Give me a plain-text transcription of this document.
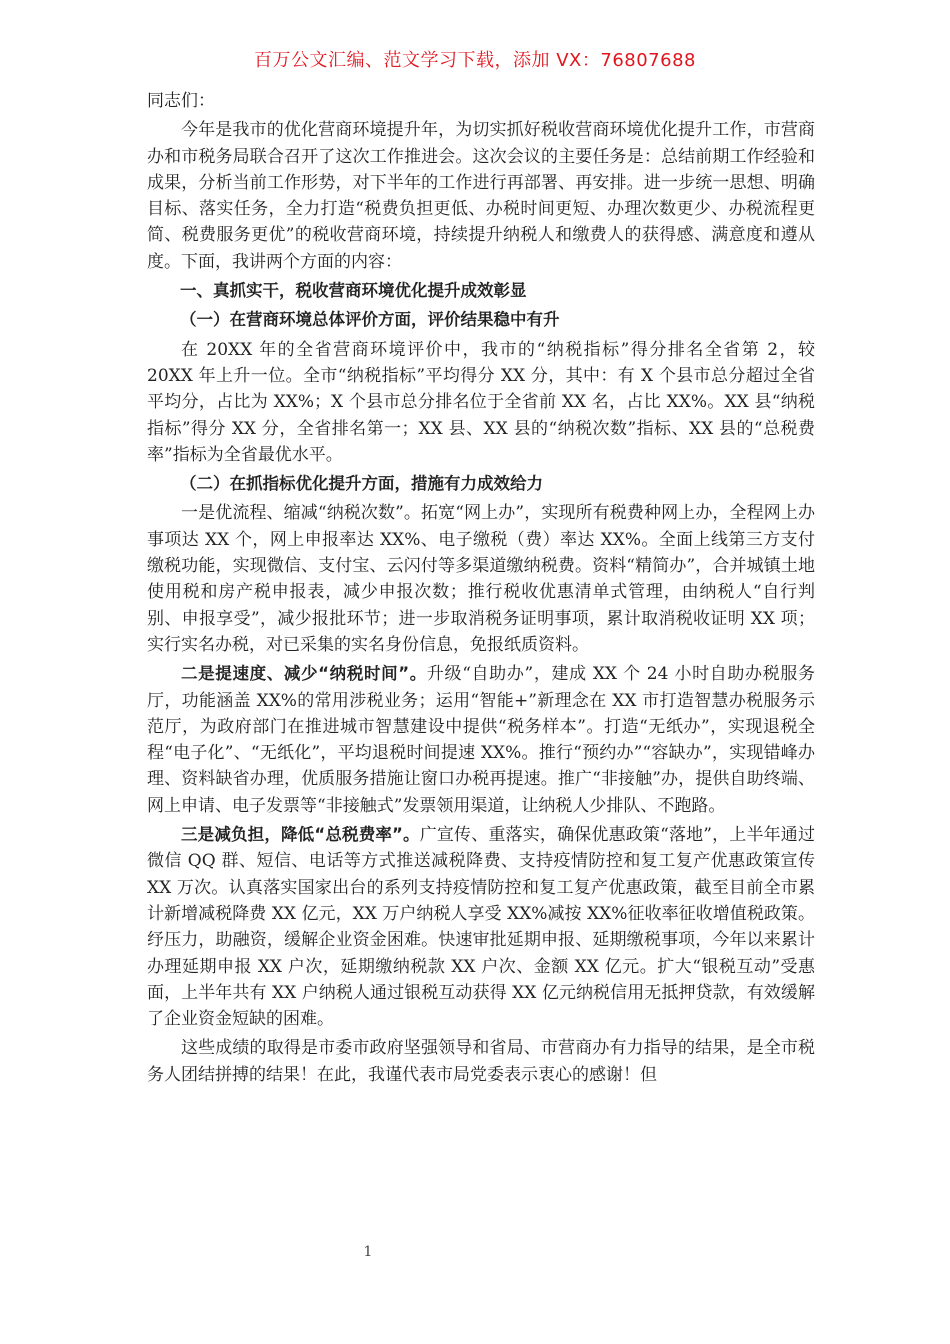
百万公文汇编、范文学习下载，添加 VX：76807688

同志们：

今年是我市的优化营商环境提升年，为切实抓好税收营商环境优化提升工作，市营商办和市税务局联合召开了这次工作推进会。这次会议的主要任务是：总结前期工作经验和成果，分析当前工作形势，对下半年的工作进行再部署、再安排。进一步统一思想、明确目标、落实任务，全力打造“税费负担更低、办税时间更短、办理次数更少、办税流程更简、税费服务更优”的税收营商环境，持续提升纳税人和缴费人的获得感、满意度和遵从度。下面，我讲两个方面的内容：

一、真抓实干，税收营商环境优化提升成效彰显

（一）在营商环境总体评价方面，评价结果稳中有升

在 20XX 年的全省营商环境评价中，我市的“纳税指标”得分排名全省第 2，较 20XX 年上升一位。全市“纳税指标”平均得分 XX 分，其中：有 X 个县市总分超过全省平均分，占比为 XX%；X 个县市总分排名位于全省前 XX 名，占比 XX%。XX 县“纳税指标”得分 XX 分，全省排名第一；XX 县、XX 县的“纳税次数”指标、XX 县的“总税费率”指标为全省最优水平。

（二）在抓指标优化提升方面，措施有力成效给力

一是优流程、缩减“纳税次数”。拓宽“网上办”，实现所有税费种网上办，全程网上办事项达 XX 个，网上申报率达 XX%、电子缴税（费）率达 XX%。全面上线第三方支付缴税功能，实现微信、支付宝、云闪付等多渠道缴纳税费。资料“精简办”，合并城镇土地使用税和房产税申报表，减少申报次数；推行税收优惠清单式管理，由纳税人“自行判别、申报享受”，减少报批环节；进一步取消税务证明事项，累计取消税收证明 XX 项；实行实名办税，对已采集的实名身份信息，免报纸质资料。

二是提速度、减少“纳税时间”。升级“自助办”，建成 XX 个 24 小时自助办税服务厅，功能涵盖 XX%的常用涉税业务；运用“智能+”新理念在 XX 市打造智慧办税服务示范厅，为政府部门在推进城市智慧建设中提供“税务样本”。打造“无纸办”，实现退税全程“电子化”、“无纸化”，平均退税时间提速 XX%。推行“预约办”“容缺办”，实现错峰办理、资料缺省办理，优质服务措施让窗口办税再提速。推广“非接触”办，提供自助终端、网上申请、电子发票等“非接触式”发票领用渠道，让纳税人少排队、不跑路。

三是减负担，降低“总税费率”。广宣传、重落实，确保优惠政策“落地”，上半年通过微信 QQ 群、短信、电话等方式推送减税降费、支持疫情防控和复工复产优惠政策宣传 XX 万次。认真落实国家出台的系列支持疫情防控和复工复产优惠政策，截至目前全市累计新增减税降费 XX 亿元，XX 万户纳税人享受 XX%减按 XX%征收率征收增值税政策。纾压力，助融资，缓解企业资金困难。快速审批延期申报、延期缴税事项，今年以来累计办理延期申报 XX 户次，延期缴纳税款 XX 户次、金额 XX 亿元。扩大“银税互动”受惠面，上半年共有 XX 户纳税人通过银税互动获得 XX 亿元纳税信用无抵押贷款，有效缓解了企业资金短缺的困难。

这些成绩的取得是市委市政府坚强领导和省局、市营商办有力指导的结果，是全市税务人团结拼搏的结果！在此，我谨代表市局党委表示衷心的感谢！但

1
